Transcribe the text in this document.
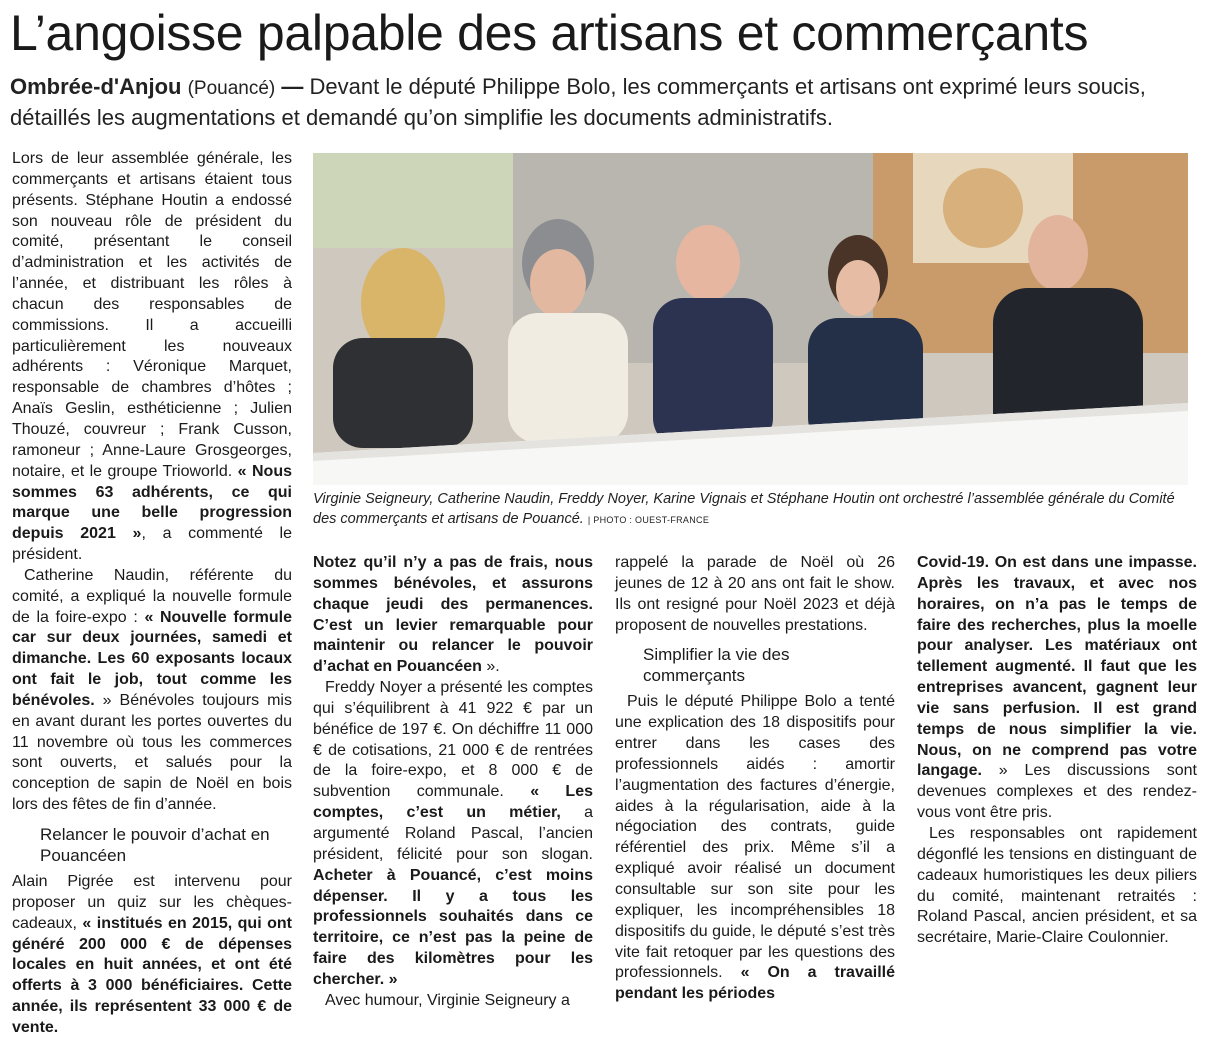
L’angoisse palpable des artisans et commerçants
Ombrée-d'Anjou (Pouancé) — Devant le député Philippe Bolo, les commerçants et artisans ont exprimé leurs soucis, détaillés les augmentations et demandé qu’on simplifie les documents administratifs.

Lors de leur assemblée générale, les commerçants et artisans étaient tous présents. Stéphane Houtin a endossé son nouveau rôle de président du comité, présentant le conseil d’administration et les activités de l’année, et distribuant les rôles à chacun des responsables de commissions. Il a accueilli particulièrement les nouveaux adhérents : Véronique Marquet, responsable de chambres d’hôtes ; Anaïs Geslin, esthéticienne ; Julien Thouzé, couvreur ; Frank Cusson, ramoneur ; Anne-Laure Grosgeorges, notaire, et le groupe Trioworld. « Nous sommes 63 adhérents, ce qui marque une belle progression depuis 2021 », a commenté le président.

Catherine Naudin, référente du comité, a expliqué la nouvelle formule de la foire-expo : « Nouvelle formule car sur deux journées, samedi et dimanche. Les 60 exposants locaux ont fait le job, tout comme les bénévoles. » Bénévoles toujours mis en avant durant les portes ouvertes du 11 novembre où tous les commerces sont ouverts, et salués pour la conception de sapin de Noël en bois lors des fêtes de fin d’année.

Relancer le pouvoir d’achat en Pouancéen

Alain Pigrée est intervenu pour proposer un quiz sur les chèques-cadeaux, « institués en 2015, qui ont généré 200 000 € de dépenses locales en huit années, et ont été offerts à 3 000 bénéficiaires. Cette année, ils représentent 33 000 € de vente.

Virginie Seigneury, Catherine Naudin, Freddy Noyer, Karine Vignais et Stéphane Houtin ont orchestré l’assemblée générale du Comité des commerçants et artisans de Pouancé. | PHOTO : OUEST-FRANCE

Notez qu’il n’y a pas de frais, nous sommes bénévoles, et assurons chaque jeudi des permanences. C’est un levier remarquable pour maintenir ou relancer le pouvoir d’achat en Pouancéen ».

Freddy Noyer a présenté les comptes qui s’équilibrent à 41 922 € par un bénéfice de 197 €. On déchiffre 11 000 € de cotisations, 21 000 € de rentrées de la foire-expo, et 8 000 € de subvention communale. « Les comptes, c’est un métier, a argumenté Roland Pascal, l’ancien président, félicité pour son slogan. Acheter à Pouancé, c’est moins dépenser. Il y a tous les professionnels souhaités dans ce territoire, ce n’est pas la peine de faire des kilomètres pour les chercher. »

Avec humour, Virginie Seigneury a

rappelé la parade de Noël où 26 jeunes de 12 à 20 ans ont fait le show. Ils ont resigné pour Noël 2023 et déjà proposent de nouvelles prestations.

Simplifier la vie des commerçants

Puis le député Philippe Bolo a tenté une explication des 18 dispositifs pour entrer dans les cases des professionnels aidés : amortir l’augmentation des factures d’énergie, aides à la régularisation, aide à la négociation des contrats, guide référentiel des prix. Même s’il a expliqué avoir réalisé un document consultable sur son site pour les expliquer, les incompréhensibles 18 dispositifs du guide, le député s’est très vite fait retoquer par les questions des professionnels. « On a travaillé pendant les périodes

Covid-19. On est dans une impasse. Après les travaux, et avec nos horaires, on n’a pas le temps de faire des recherches, plus la moelle pour analyser. Les matériaux ont tellement augmenté. Il faut que les entreprises avancent, gagnent leur vie sans perfusion. Il est grand temps de nous simplifier la vie. Nous, on ne comprend pas votre langage. » Les discussions sont devenues complexes et des rendez-vous vont être pris.

Les responsables ont rapidement dégonflé les tensions en distinguant de cadeaux humoristiques les deux piliers du comité, maintenant retraités : Roland Pascal, ancien président, et sa secrétaire, Marie-Claire Coulonnier.
